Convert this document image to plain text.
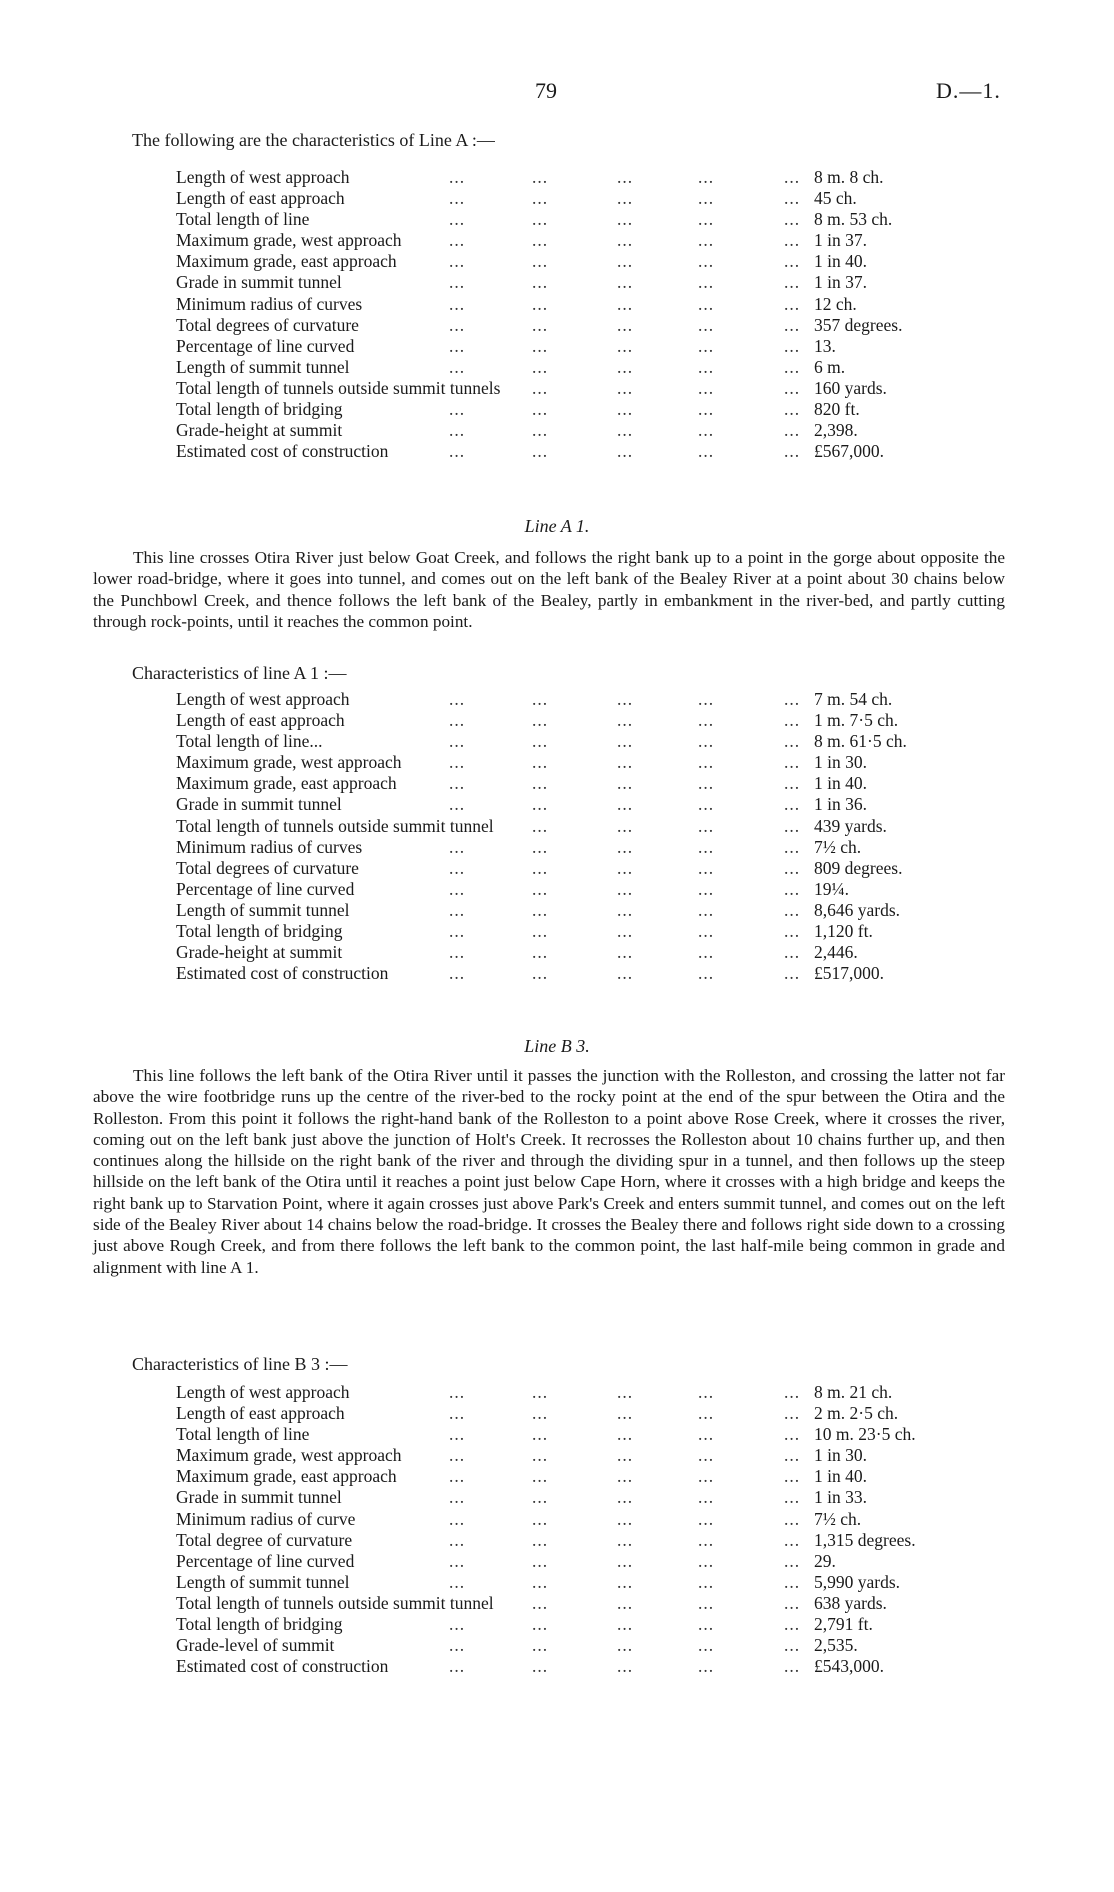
79	D.—1.
The following are the characteristics of Line A :—
...	...	...	...	...
Length of west approach	8 m. 8 ch.
...	...	...	...	...
Length of east approach	45 ch.
...	...	...	...	...
Total length of line	8 m. 53 ch.
...	...	...	...	...
Maximum grade, west approach	1 in 37.
...	...	...	...	...
Maximum grade, east approach	1 in 40.
...	...	...	...	...
Grade in summit tunnel	1 in 37.
...	...	...	...	...
Minimum radius of curves	12 ch.
...	...	...	...	...
Total degrees of curvature	357 degrees.
...	...	...	...	...
Percentage of line curved	13.
...	...	...	...	...
Length of summit tunnel	6 m.
...	...	...	...
Total length of tunnels outside summit tunnels	160 yards.
...	...	...	...	...
Total length of bridging	820 ft.
...	...	...	...	...
Grade-height at summit	2,398.
...	...	...	...	...
Estimated cost of construction	£567,000.
Line A 1.

This line crosses Otira River just below Goat Creek, and follows the right bank up to a point in the gorge about opposite the lower road-bridge, where it goes into tunnel, and comes out on the left bank of the Bealey River at a point about 30 chains below the Punchbowl Creek, and thence follows the left bank of the Bealey, partly in embankment in the river-bed, and partly cutting through rock-points, until it reaches the common point.

Characteristics of line A 1 :—
...	...	...	...	...
Length of west approach	7 m. 54 ch.
...	...	...	...	...
Length of east approach	1 m. 7·5 ch.
...	...	...	...	...
Total length of line...	8 m. 61·5 ch.
...	...	...	...	...
Maximum grade, west approach	1 in 30.
...	...	...	...	...
Maximum grade, east approach	1 in 40.
...	...	...	...	...
Grade in summit tunnel	1 in 36.
...	...	...	...
Total length of tunnels outside summit tunnel	439 yards.
...	...	...	...	...
Minimum radius of curves	7½ ch.
...	...	...	...	...
Total degrees of curvature	809 degrees.
...	...	...	...	...
Percentage of line curved	19¼.
...	...	...	...	...
Length of summit tunnel	8,646 yards.
...	...	...	...	...
Total length of bridging	1,120 ft.
...	...	...	...	...
Grade-height at summit	2,446.
...	...	...	...	...
Estimated cost of construction	£517,000.
Line B 3.

This line follows the left bank of the Otira River until it passes the junction with the Rolleston, and crossing the latter not far above the wire footbridge runs up the centre of the river-bed to the rocky point at the end of the spur between the Otira and the Rolleston. From this point it follows the right-hand bank of the Rolleston to a point above Rose Creek, where it crosses the river, coming out on the left bank just above the junction of Holt's Creek. It recrosses the Rolleston about 10 chains further up, and then continues along the hillside on the right bank of the river and through the dividing spur in a tunnel, and then follows up the steep hillside on the left bank of the Otira until it reaches a point just below Cape Horn, where it crosses with a high bridge and keeps the right bank up to Starvation Point, where it again crosses just above Park's Creek and enters summit tunnel, and comes out on the left side of the Bealey River about 14 chains below the road-bridge. It crosses the Bealey there and follows right side down to a crossing just above Rough Creek, and from there follows the left bank to the common point, the last half-mile being common in grade and alignment with line A 1.

Characteristics of line B 3 :—
...	...	...	...	...
Length of west approach	8 m. 21 ch.
...	...	...	...	...
Length of east approach	2 m. 2·5 ch.
...	...	...	...	...
Total length of line	10 m. 23·5 ch.
...	...	...	...	...
Maximum grade, west approach	1 in 30.
...	...	...	...	...
Maximum grade, east approach	1 in 40.
...	...	...	...	...
Grade in summit tunnel	1 in 33.
...	...	...	...	...
Minimum radius of curve	7½ ch.
...	...	...	...	...
Total degree of curvature	1,315 degrees.
...	...	...	...	...
Percentage of line curved	29.
...	...	...	...	...
Length of summit tunnel	5,990 yards.
...	...	...	...
Total length of tunnels outside summit tunnel	638 yards.
...	...	...	...	...
Total length of bridging	2,791 ft.
...	...	...	...	...
Grade-level of summit	2,535.
...	...	...	...	...
Estimated cost of construction	£543,000.
